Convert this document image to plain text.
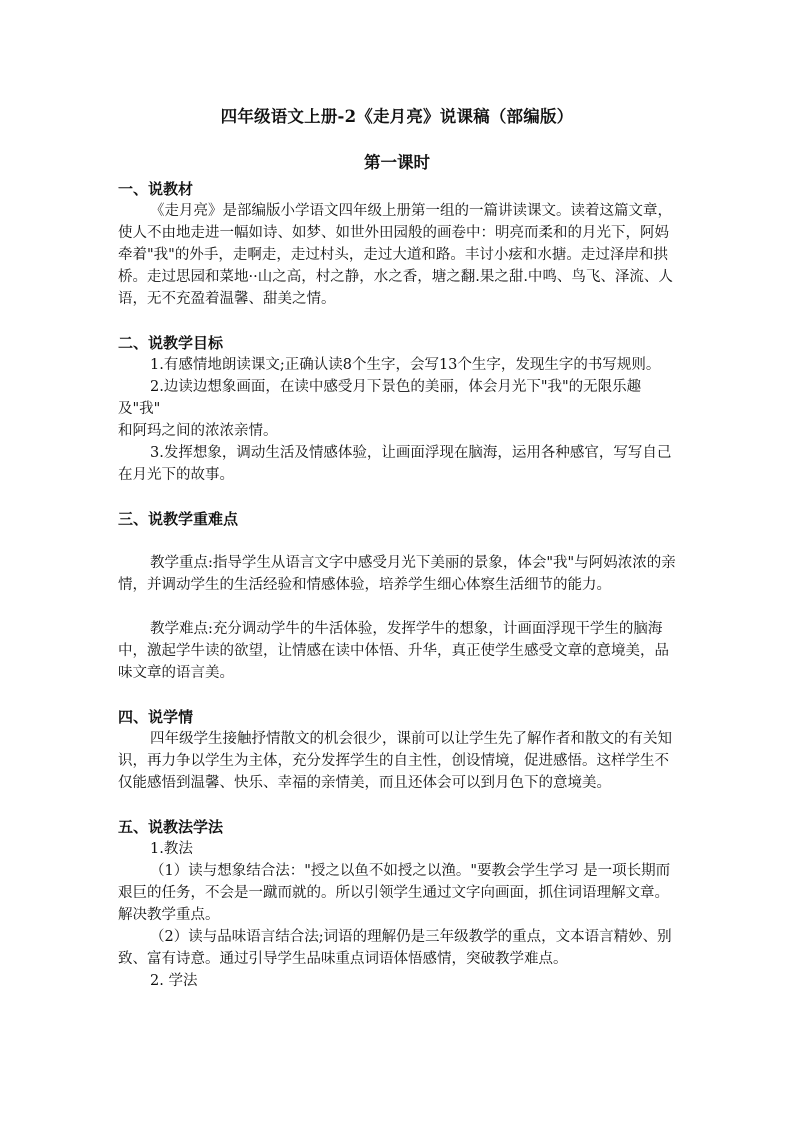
四年级语文上册-2《走月亮》说课稿（部编版）
第一课时
一、说教材

《走月亮》是部编版小学语文四年级上册第一组的一篇讲读课文。读着这篇文章，使人不由地走进一幅如诗、如梦、如世外田园般的画卷中：明亮而柔和的月光下，阿妈牵着"我"的外手，走啊走，走过村头，走过大道和路。丰讨小痃和水搪。走过泽岸和拱桥。走过思园和菜地··山之高，村之静，水之香，塘之翻.果之甜.中鸣、鸟飞、泽流、人语，无不充盈着温馨、甜美之情。

二、说教学目标

1.有感情地朗读课文;正确认读8个生字，会写13个生字，发现生字的书写规则。

2.边读边想象画面，在读中感受月下景色的美丽，体会月光下"我"的无限乐趣及"我"

和阿玛之间的浓浓亲情。

3.发挥想象，调动生活及情感体验，让画面浮现在脑海，运用各种感官，写写自己在月光下的故事。

三、说教学重难点

教学重点:指导学生从语言文字中感受月光下美丽的景象，体会"我"与阿妈浓浓的亲情，并调动学生的生活经验和情感体验，培养学生细心体察生活细节的能力。

教学难点:充分调动学牛的牛活体验，发挥学牛的想象，计画面浮现干学生的脑海中，激起学牛读的欲望，让情感在读中体悟、升华，真正使学生感受文章的意境美，品味文章的语言美。

四、说学情

四年级学生接触抒情散文的机会很少，课前可以让学生先了解作者和散文的有关知识，再力争以学生为主体，充分发挥学生的自主性，创设情境，促进感悟。这样学生不仅能感悟到温馨、快乐、幸福的亲情美，而且还体会可以到月色下的意境美。

五、说教法学法

1.教法

（1）读与想象结合法："授之以鱼不如授之以渔。"要教会学生学习 是一项长期而艰巨的任务，不会是一蹴而就的。所以引领学生通过文字向画面，抓住词语理解文章。解决教学重点。

（2）读与品味语言结合法;词语的理解仍是三年级教学的重点，文本语言精妙、别致、富有诗意。通过引导学生品味重点词语体悟感情，突破教学难点。

2. 学法
